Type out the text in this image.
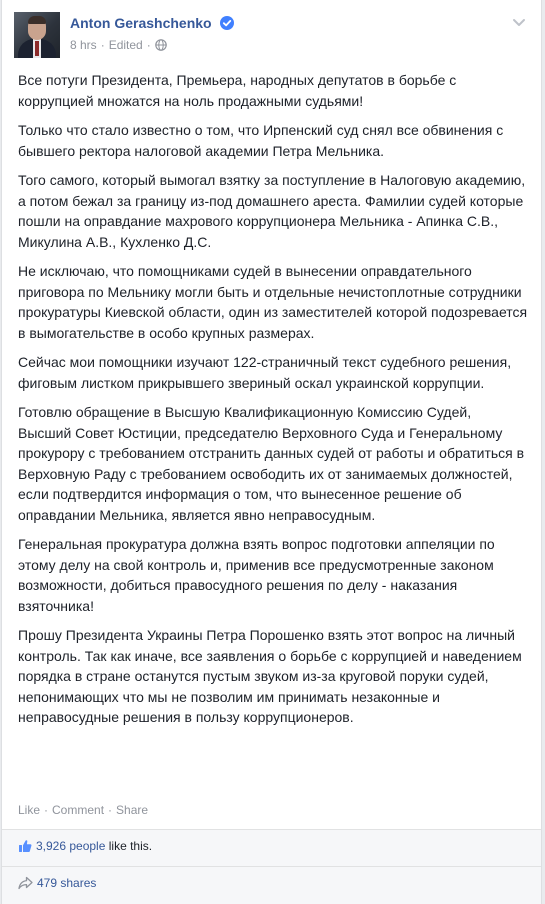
Anton Gerashchenko
8 hrs · Edited ·

Все потуги Президента, Премьера, народных депутатов в борьбе с коррупцией множатся на ноль продажными судьями!

Только что стало известно о том, что Ирпенский суд снял все обвинения с бывшего ректора налоговой академии Петра Мельника.

Того самого, который вымогал взятку за поступление в Налоговую академию, а потом бежал за границу из-под домашнего ареста. Фамилии судей которые пошли на оправдание махрового коррупционера Мельника - Апинка С.В., Микулина А.В., Кухленко Д.С.

Не исключаю, что помощниками судей в вынесении оправдательного приговора по Мельнику могли быть и отдельные нечистоплотные сотрудники прокуратуры Киевской области, один из заместителей которой подозревается в вымогательстве в особо крупных размерах.

Сейчас мои помощники изучают 122-страничный текст судебного решения, фиговым листком прикрывшего звериный оскал украинской коррупции.

Готовлю обращение в Высшую Квалификационную Комиссию Судей, Высший Совет Юстиции, председателю Верховного Суда и Генеральному прокурору с требованием отстранить данных судей от работы и обратиться в Верховную Раду с требованием освободить их от занимаемых должностей, если подтвердится информация о том, что вынесенное решение об оправдании Мельника, является явно неправосудным.

Генеральная прокуратура должна взять вопрос подготовки аппеляции по этому делу на свой контроль и, применив все предусмотренные законом возможности, добиться правосудного решения по делу - наказания взяточника!

Прошу Президента Украины Петра Порошенко взять этот вопрос на личный контроль. Так как иначе, все заявления о борьбе с коррупцией и наведением порядка в стране останутся пустым звуком из-за круговой поруки судей, непонимающих что мы не позволим им принимать незаконные и неправосудные решения в пользу коррупционеров.

Like · Comment · Share
3,926 people like this.
479 shares
